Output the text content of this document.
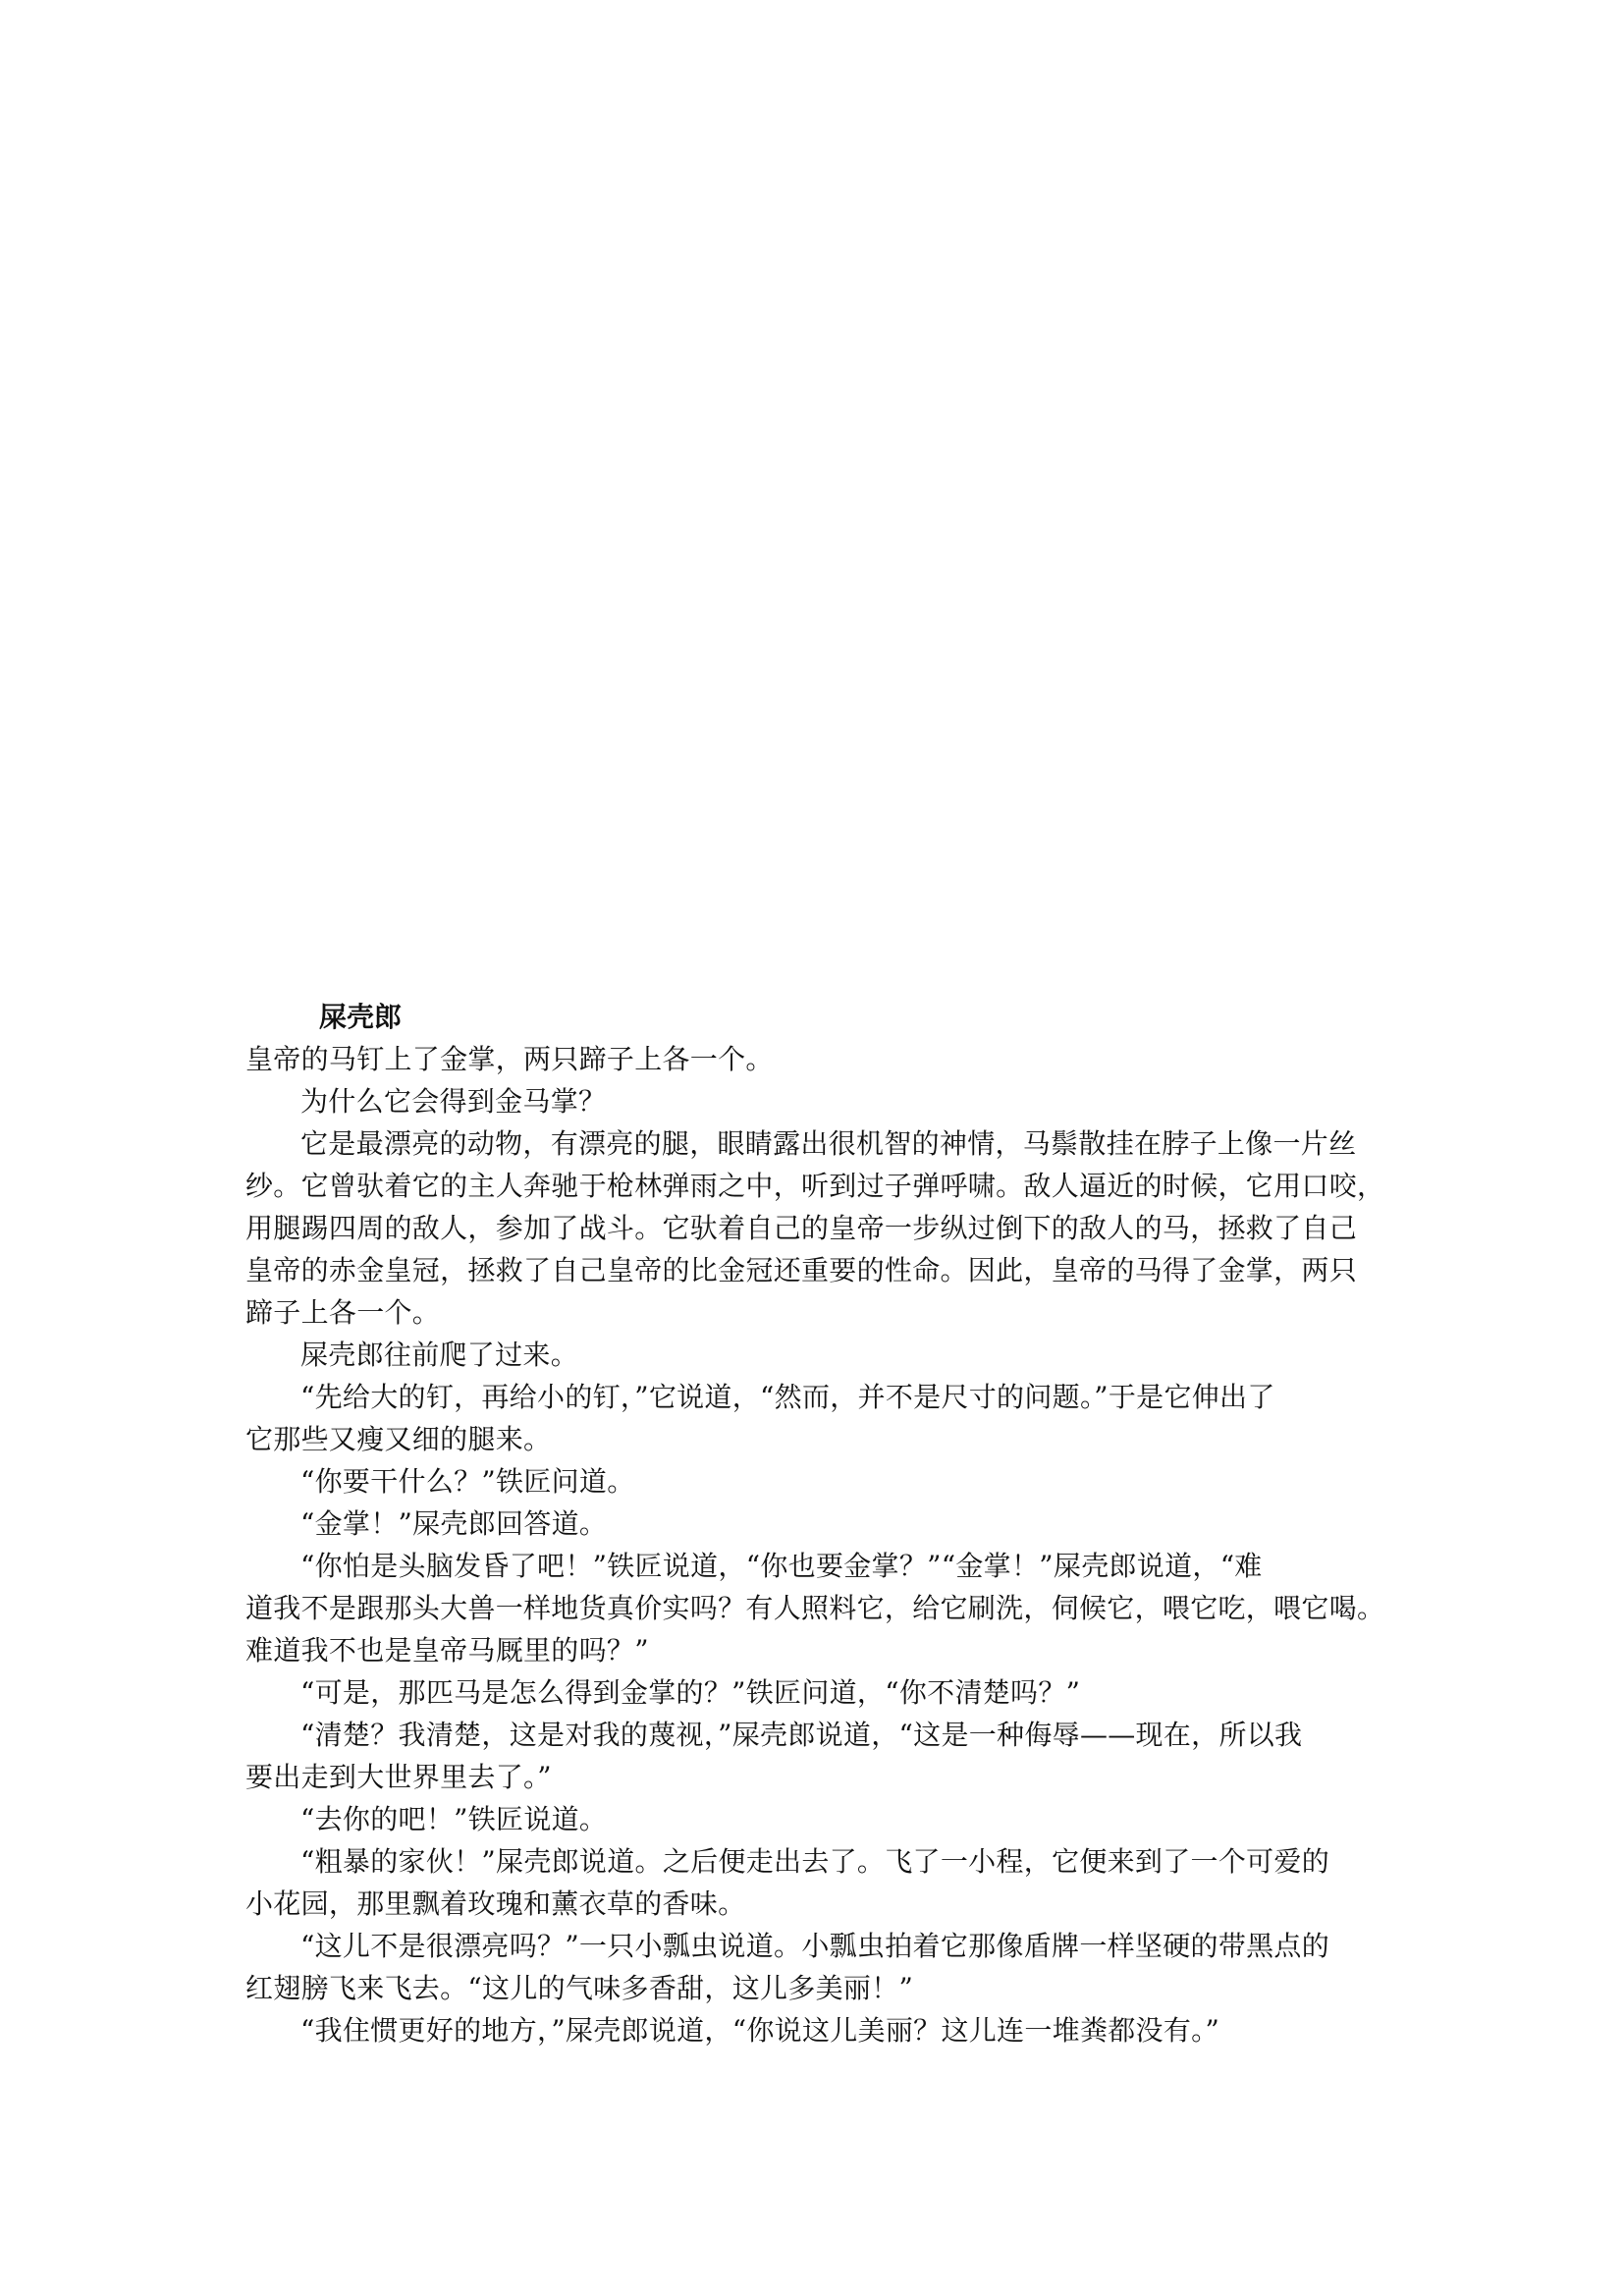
屎壳郎
皇帝的马钉上了金掌，两只蹄子上各一个。
为什么它会得到金马掌？
它是最漂亮的动物，有漂亮的腿，眼睛露出很机智的神情，马鬃散挂在脖子上像一片丝
纱。它曾驮着它的主人奔驰于枪林弹雨之中，听到过子弹呼啸。敌人逼近的时候，它用口咬，
用腿踢四周的敌人，参加了战斗。它驮着自己的皇帝一步纵过倒下的敌人的马，拯救了自己
皇帝的赤金皇冠，拯救了自己皇帝的比金冠还重要的性命。因此，皇帝的马得了金掌，两只
蹄子上各一个。
屎壳郎往前爬了过来。
“先给大的钉，再给小的钉，”它说道，“然而，并不是尺寸的问题。”于是它伸出了
它那些又瘦又细的腿来。
“你要干什么？”铁匠问道。
“金掌！”屎壳郎回答道。
“你怕是头脑发昏了吧！”铁匠说道，“你也要金掌？”“金掌！”屎壳郎说道，“难
道我不是跟那头大兽一样地货真价实吗？有人照料它，给它刷洗，伺候它，喂它吃，喂它喝。
难道我不也是皇帝马厩里的吗？”
“可是，那匹马是怎么得到金掌的？”铁匠问道，“你不清楚吗？”
“清楚？我清楚，这是对我的蔑视，”屎壳郎说道，“这是一种侮辱——现在，所以我
要出走到大世界里去了。”
“去你的吧！”铁匠说道。
“粗暴的家伙！”屎壳郎说道。之后便走出去了。飞了一小程，它便来到了一个可爱的
小花园，那里飘着玫瑰和薰衣草的香味。
“这儿不是很漂亮吗？”一只小瓢虫说道。小瓢虫拍着它那像盾牌一样坚硬的带黑点的
红翅膀飞来飞去。“这儿的气味多香甜，这儿多美丽！”
“我住惯更好的地方，”屎壳郎说道，“你说这儿美丽？这儿连一堆粪都没有。”
